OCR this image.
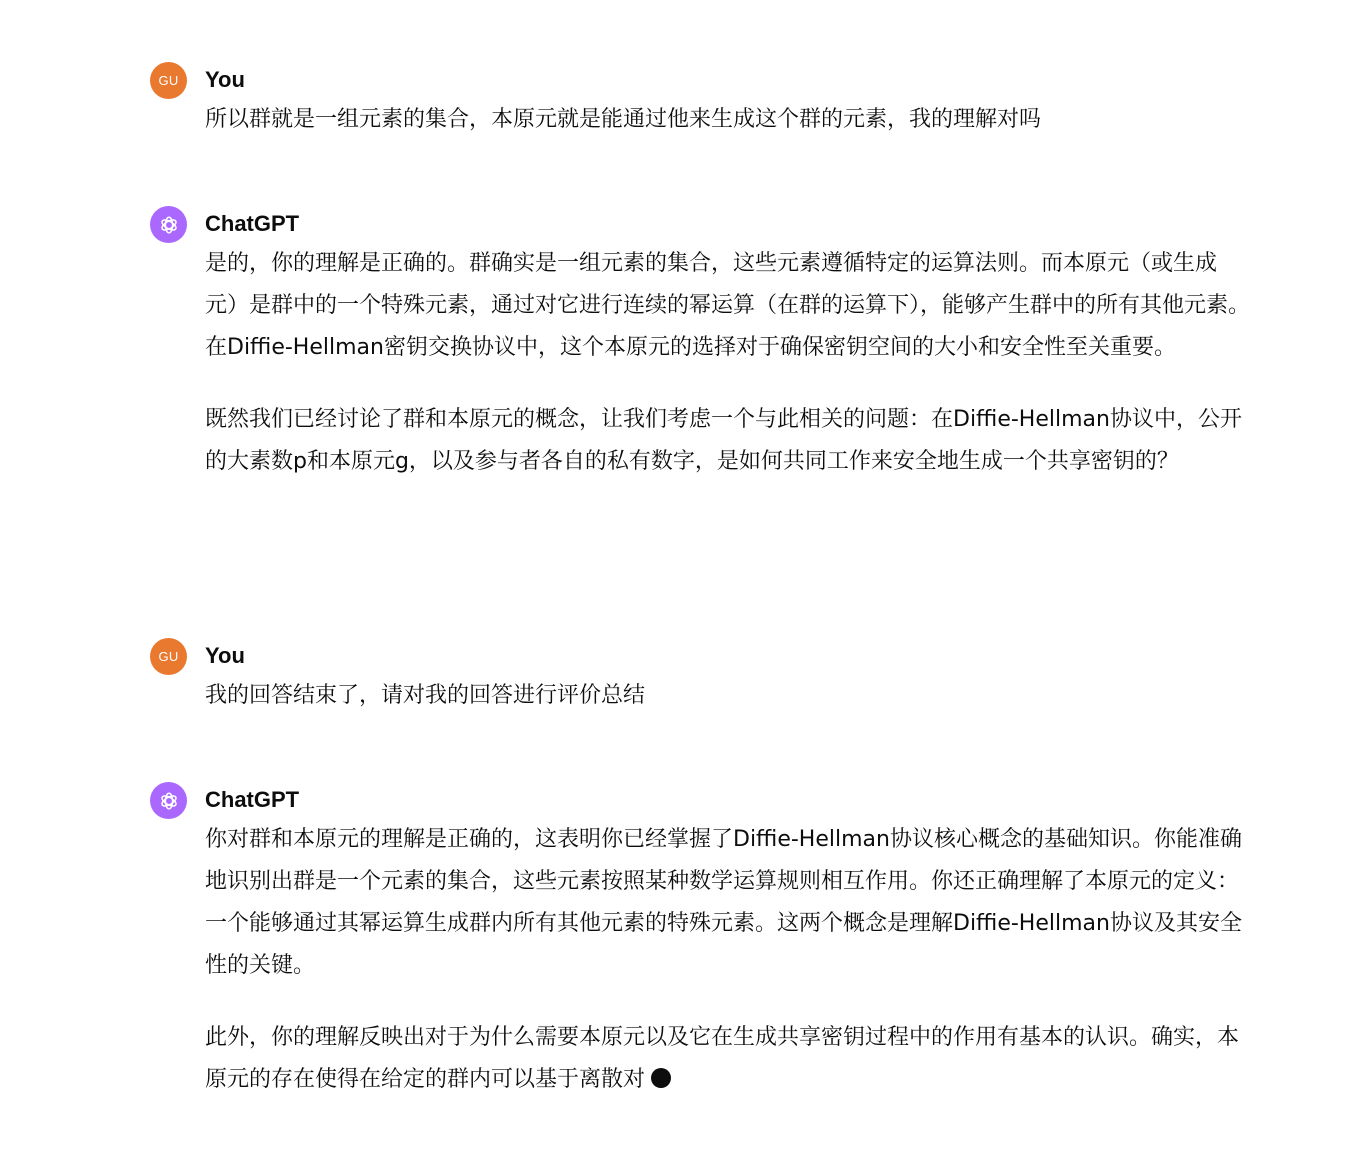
GU	You

所以群就是一组元素的集合，本原元就是能通过他来生成这个群的元素，我的理解对吗

ChatGPT

是的，你的理解是正确的。群确实是一组元素的集合，这些元素遵循特定的运算法则。而本原元（或生成元）是群中的一个特殊元素，通过对它进行连续的幂运算（在群的运算下），能够产生群中的所有其他元素。在Diffie-Hellman密钥交换协议中，这个本原元的选择对于确保密钥空间的大小和安全性至关重要。

既然我们已经讨论了群和本原元的概念，让我们考虑一个与此相关的问题：在Diffie-Hellman协议中，公开的大素数p和本原元g，以及参与者各自的私有数字，是如何共同工作来安全地生成一个共享密钥的？

GU	You

我的回答结束了，请对我的回答进行评价总结

ChatGPT

你对群和本原元的理解是正确的，这表明你已经掌握了Diffie-Hellman协议核心概念的基础知识。你能准确地识别出群是一个元素的集合，这些元素按照某种数学运算规则相互作用。你还正确理解了本原元的定义：一个能够通过其幂运算生成群内所有其他元素的特殊元素。这两个概念是理解Diffie-Hellman协议及其安全性的关键。

此外，你的理解反映出对于为什么需要本原元以及它在生成共享密钥过程中的作用有基本的认识。确实，本原元的存在使得在给定的群内可以基于离散对
